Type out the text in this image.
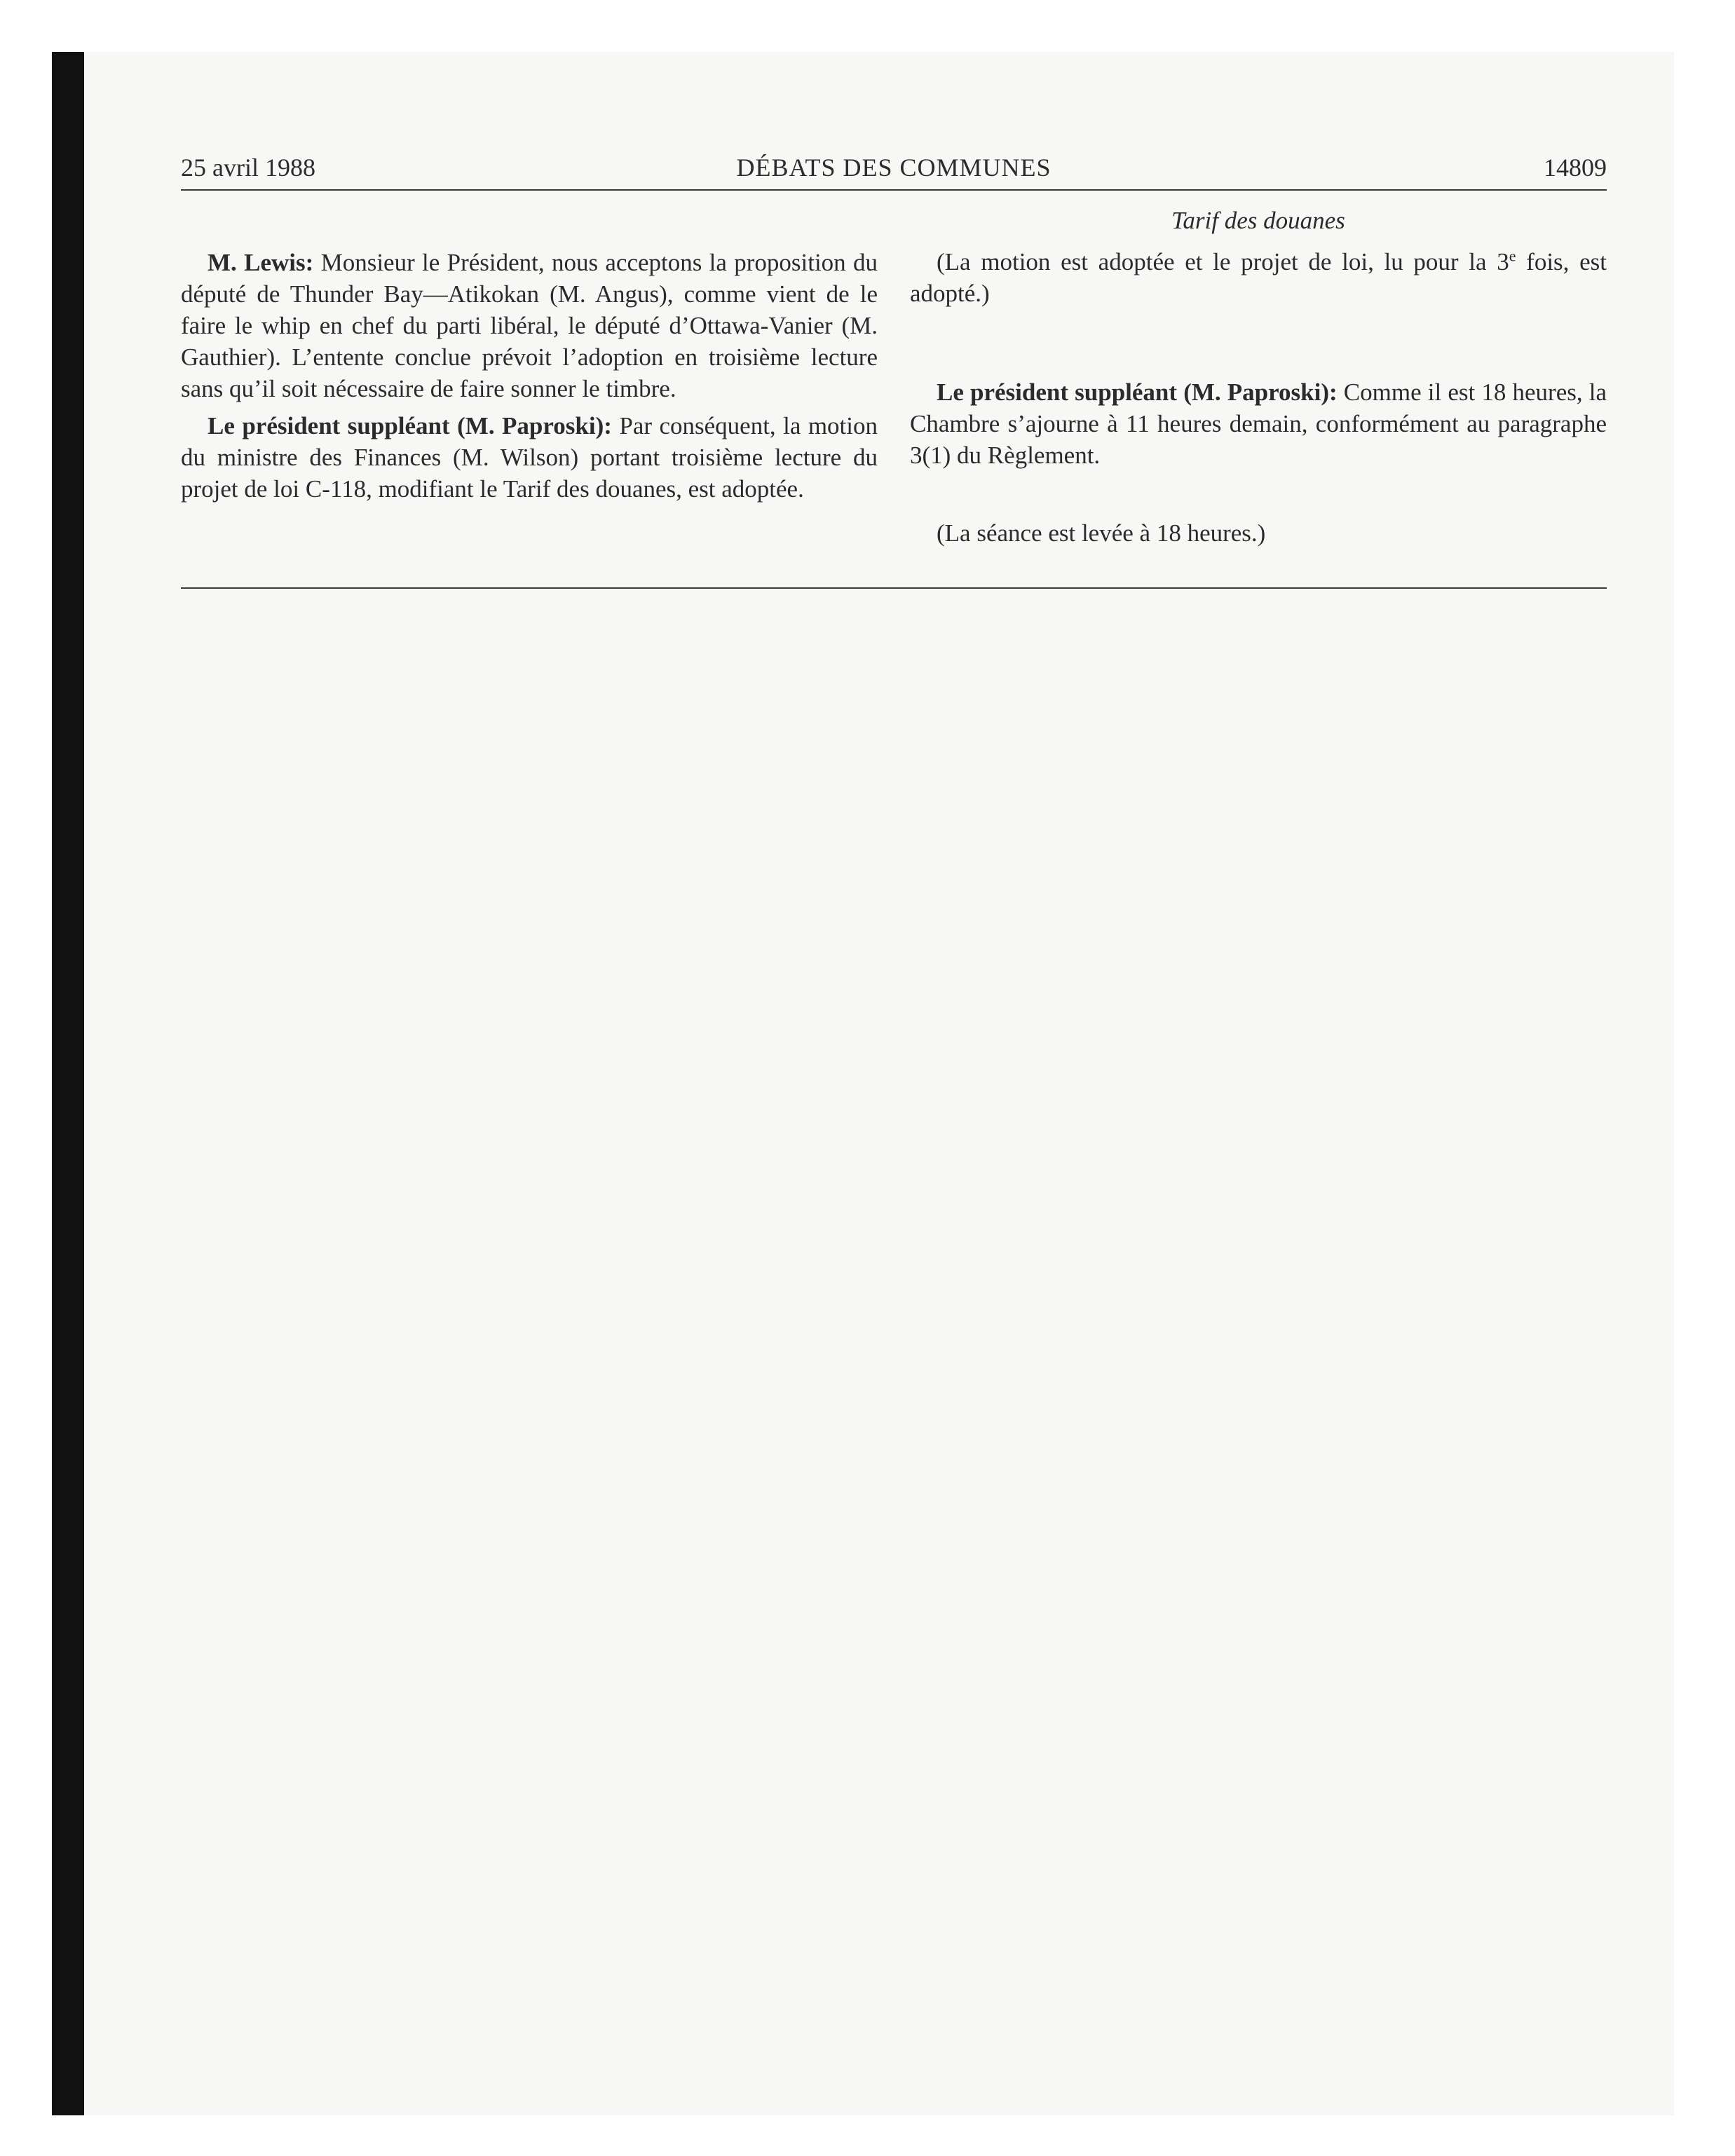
25 avril 1988	DÉBATS DES COMMUNES	14809

M. Lewis: Monsieur le Président, nous acceptons la proposition du député de Thunder Bay—Atikokan (M. Angus), comme vient de le faire le whip en chef du parti libéral, le député d’Ottawa-Vanier (M. Gauthier). L’entente conclue prévoit l’adoption en troisième lecture sans qu’il soit nécessaire de faire sonner le timbre.

Le président suppléant (M. Paproski): Par conséquent, la motion du ministre des Finances (M. Wilson) portant troisième lecture du projet de loi C-118, modifiant le Tarif des douanes, est adoptée.

Tarif des douanes

(La motion est adoptée et le projet de loi, lu pour la 3e fois, est adopté.)

Le président suppléant (M. Paproski): Comme il est 18 heures, la Chambre s’ajourne à 11 heures demain, conformément au paragraphe 3(1) du Règlement.

(La séance est levée à 18 heures.)
